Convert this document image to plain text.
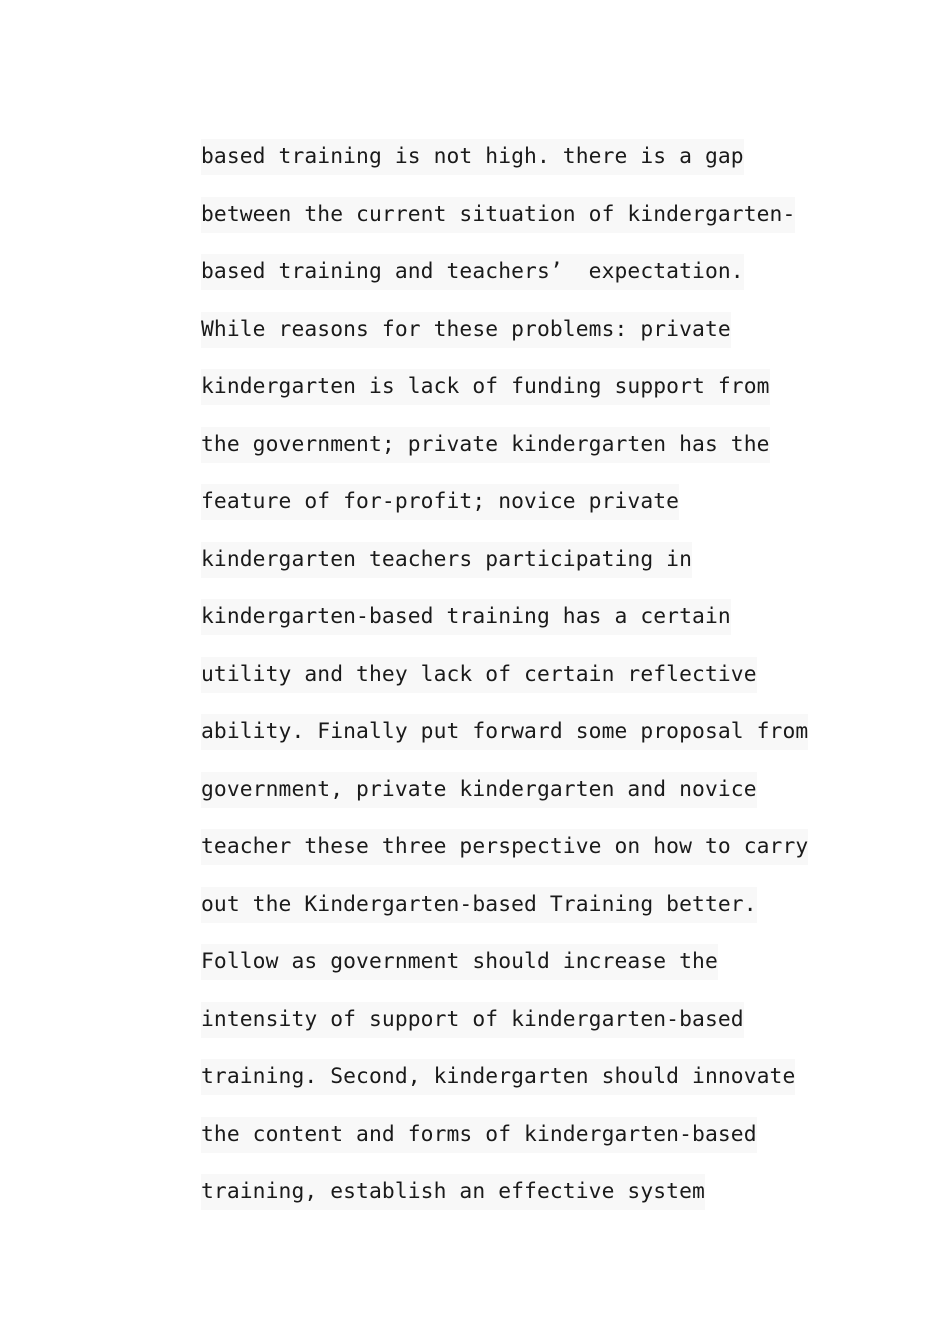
based training is not high. there is a gap
between the current situation of kindergarten-
based training and teachers’  expectation.
While reasons for these problems: private
kindergarten is lack of funding support from
the government; private kindergarten has the
feature of for-profit; novice private
kindergarten teachers participating in
kindergarten-based training has a certain
utility and they lack of certain reflective
ability. Finally put forward some proposal from
government, private kindergarten and novice
teacher these three perspective on how to carry
out the Kindergarten-based Training better.
Follow as government should increase the
intensity of support of kindergarten-based
training. Second, kindergarten should innovate
the content and forms of kindergarten-based
training, establish an effective system
